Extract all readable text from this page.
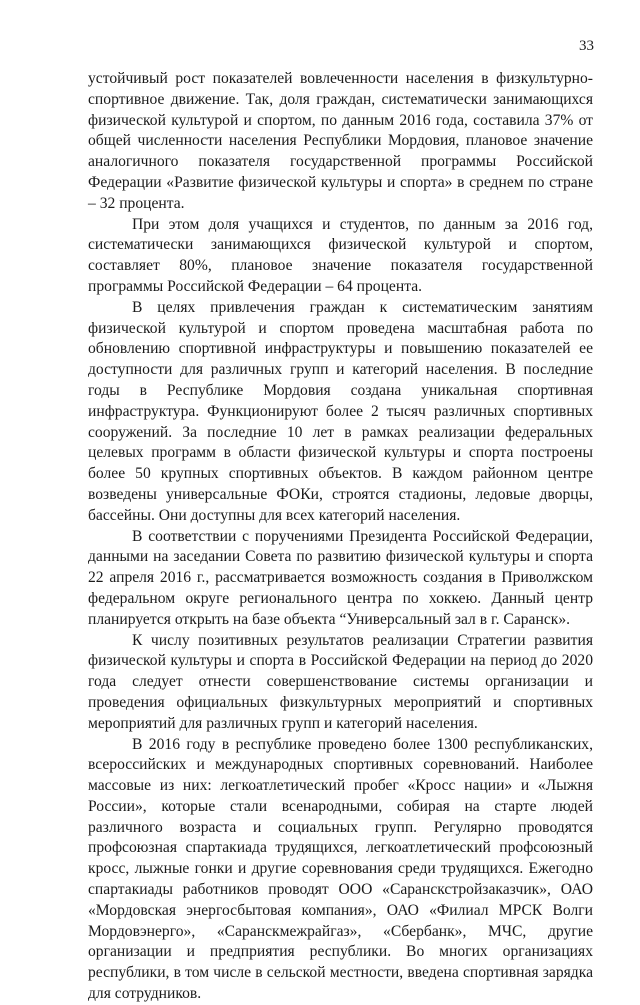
33

устойчивый рост показателей вовлеченности населения в физкультурно-спортивное движение. Так, доля граждан, систематически занимающихся физической культурой и спортом, по данным 2016 года, составила 37% от общей численности населения Республики Мордовия, плановое значение аналогичного показателя государственной программы Российской Федерации «Развитие физической культуры и спорта» в среднем по стране – 32 процента.

При этом доля учащихся и студентов, по данным за 2016 год, систематически занимающихся физической культурой и спортом, составляет 80%, плановое значение показателя государственной программы Российской Федерации – 64 процента.

В целях привлечения граждан к систематическим занятиям физической культурой и спортом проведена масштабная работа по обновлению спортивной инфраструктуры и повышению показателей ее доступности для различных групп и категорий населения. В последние годы в Республике Мордовия создана уникальная спортивная инфраструктура. Функционируют более 2 тысяч различных спортивных сооружений. За последние 10 лет в рамках реализации федеральных целевых программ в области физической культуры и спорта построены более 50 крупных спортивных объектов. В каждом районном центре возведены универсальные ФОКи, строятся стадионы, ледовые дворцы, бассейны. Они доступны для всех категорий населения.

В соответствии с поручениями Президента Российской Федерации, данными на заседании Совета по развитию физической культуры и спорта 22 апреля 2016 г., рассматривается возможность создания в Приволжском федеральном округе регионального центра по хоккею. Данный центр планируется открыть на базе объекта “Универсальный зал в г. Саранск».

К числу позитивных результатов реализации Стратегии развития физической культуры и спорта в Российской Федерации на период до 2020 года следует отнести совершенствование системы организации и проведения официальных физкультурных мероприятий и спортивных мероприятий для различных групп и категорий населения.

В 2016 году в республике проведено более 1300 республиканских, всероссийских и международных спортивных соревнований. Наиболее массовые из них: легкоатлетический пробег «Кросс нации» и «Лыжня России», которые стали всенародными, собирая на старте людей различного возраста и социальных групп. Регулярно проводятся профсоюзная спартакиада трудящихся, легкоатлетический профсоюзный кросс, лыжные гонки и другие соревнования среди трудящихся. Ежегодно спартакиады работников проводят ООО «Саранскстройзаказчик», ОАО «Мордовская энергосбытовая компания», ОАО «Филиал МРСК Волги Мордовэнерго», «Саранскмежрайгаз», «Сбербанк», МЧС, другие организации и предприятия республики. Во многих организациях республики, в том числе в сельской местности, введена спортивная зарядка для сотрудников.
